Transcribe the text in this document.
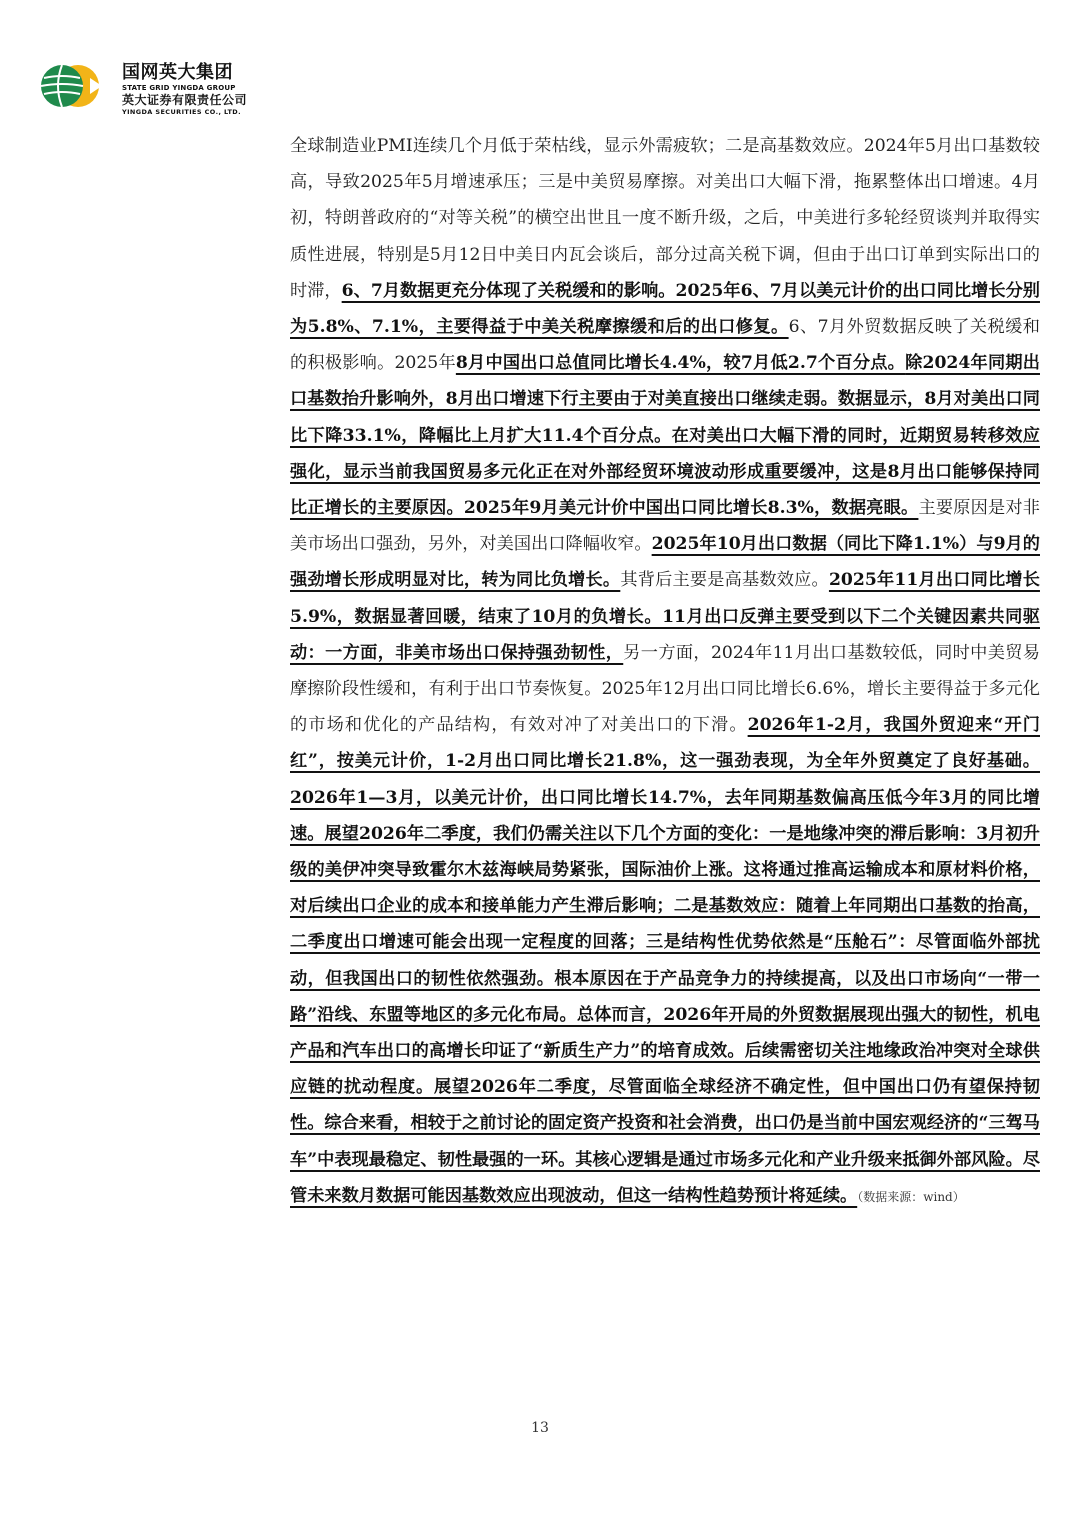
国网英大集团
STATE GRID YINGDA GROUP
英大证券有限责任公司
YINGDA SECURITIES CO., LTD.

全球制造业PMI连续几个月低于荣枯线，显示外需疲软；二是高基数效应。2024年5月出口基数较高，导致2025年5月增速承压；三是中美贸易摩擦。对美出口大幅下滑，拖累整体出口增速。4月初，特朗普政府的“对等关税”的横空出世且一度不断升级，之后，中美进行多轮经贸谈判并取得实质性进展，特别是5月12日中美日内瓦会谈后，部分过高关税下调，但由于出口订单到实际出口的时滞，6、7月数据更充分体现了关税缓和的影响。2025年6、7月以美元计价的出口同比增长分别为5.8%、7.1%，主要得益于中美关税摩擦缓和后的出口修复。6、7月外贸数据反映了关税缓和的积极影响。2025年8月中国出口总值同比增长4.4%，较7月低2.7个百分点。除2024年同期出口基数抬升影响外，8月出口增速下行主要由于对美直接出口继续走弱。数据显示，8月对美出口同比下降33.1%，降幅比上月扩大11.4个百分点。在对美出口大幅下滑的同时，近期贸易转移效应强化，显示当前我国贸易多元化正在对外部经贸环境波动形成重要缓冲，这是8月出口能够保持同比正增长的主要原因。2025年9月美元计价中国出口同比增长8.3%，数据亮眼。主要原因是对非美市场出口强劲，另外，对美国出口降幅收窄。2025年10月出口数据（同比下降1.1%）与9月的强劲增长形成明显对比，转为同比负增长。其背后主要是高基数效应。2025年11月出口同比增长5.9%，数据显著回暖，结束了10月的负增长。11月出口反弹主要受到以下二个关键因素共同驱动：一方面，非美市场出口保持强劲韧性，另一方面，2024年11月出口基数较低，同时中美贸易摩擦阶段性缓和，有利于出口节奏恢复。2025年12月出口同比增长6.6%，增长主要得益于多元化的市场和优化的产品结构，有效对冲了对美出口的下滑。2026年1-2月，我国外贸迎来“开门红”，按美元计价，1-2月出口同比增长21.8%，这一强劲表现，为全年外贸奠定了良好基础。2026年1—3月，以美元计价，出口同比增长14.7%，去年同期基数偏高压低今年3月的同比增速。展望2026年二季度，我们仍需关注以下几个方面的变化：一是地缘冲突的滞后影响：3月初升级的美伊冲突导致霍尔木兹海峡局势紧张，国际油价上涨。这将通过推高运输成本和原材料价格，对后续出口企业的成本和接单能力产生滞后影响；二是基数效应：随着上年同期出口基数的抬高，二季度出口增速可能会出现一定程度的回落；三是结构性优势依然是“压舱石”：尽管面临外部扰动，但我国出口的韧性依然强劲。根本原因在于产品竞争力的持续提高，以及出口市场向“一带一路”沿线、东盟等地区的多元化布局。总体而言，2026年开局的外贸数据展现出强大的韧性，机电产品和汽车出口的高增长印证了“新质生产力”的培育成效。后续需密切关注地缘政治冲突对全球供应链的扰动程度。展望2026年二季度，尽管面临全球经济不确定性，但中国出口仍有望保持韧性。综合来看，相较于之前讨论的固定资产投资和社会消费，出口仍是当前中国宏观经济的“三驾马车”中表现最稳定、韧性最强的一环。其核心逻辑是通过市场多元化和产业升级来抵御外部风险。尽管未来数月数据可能因基数效应出现波动，但这一结构性趋势预计将延续。（数据来源：wind）

13
